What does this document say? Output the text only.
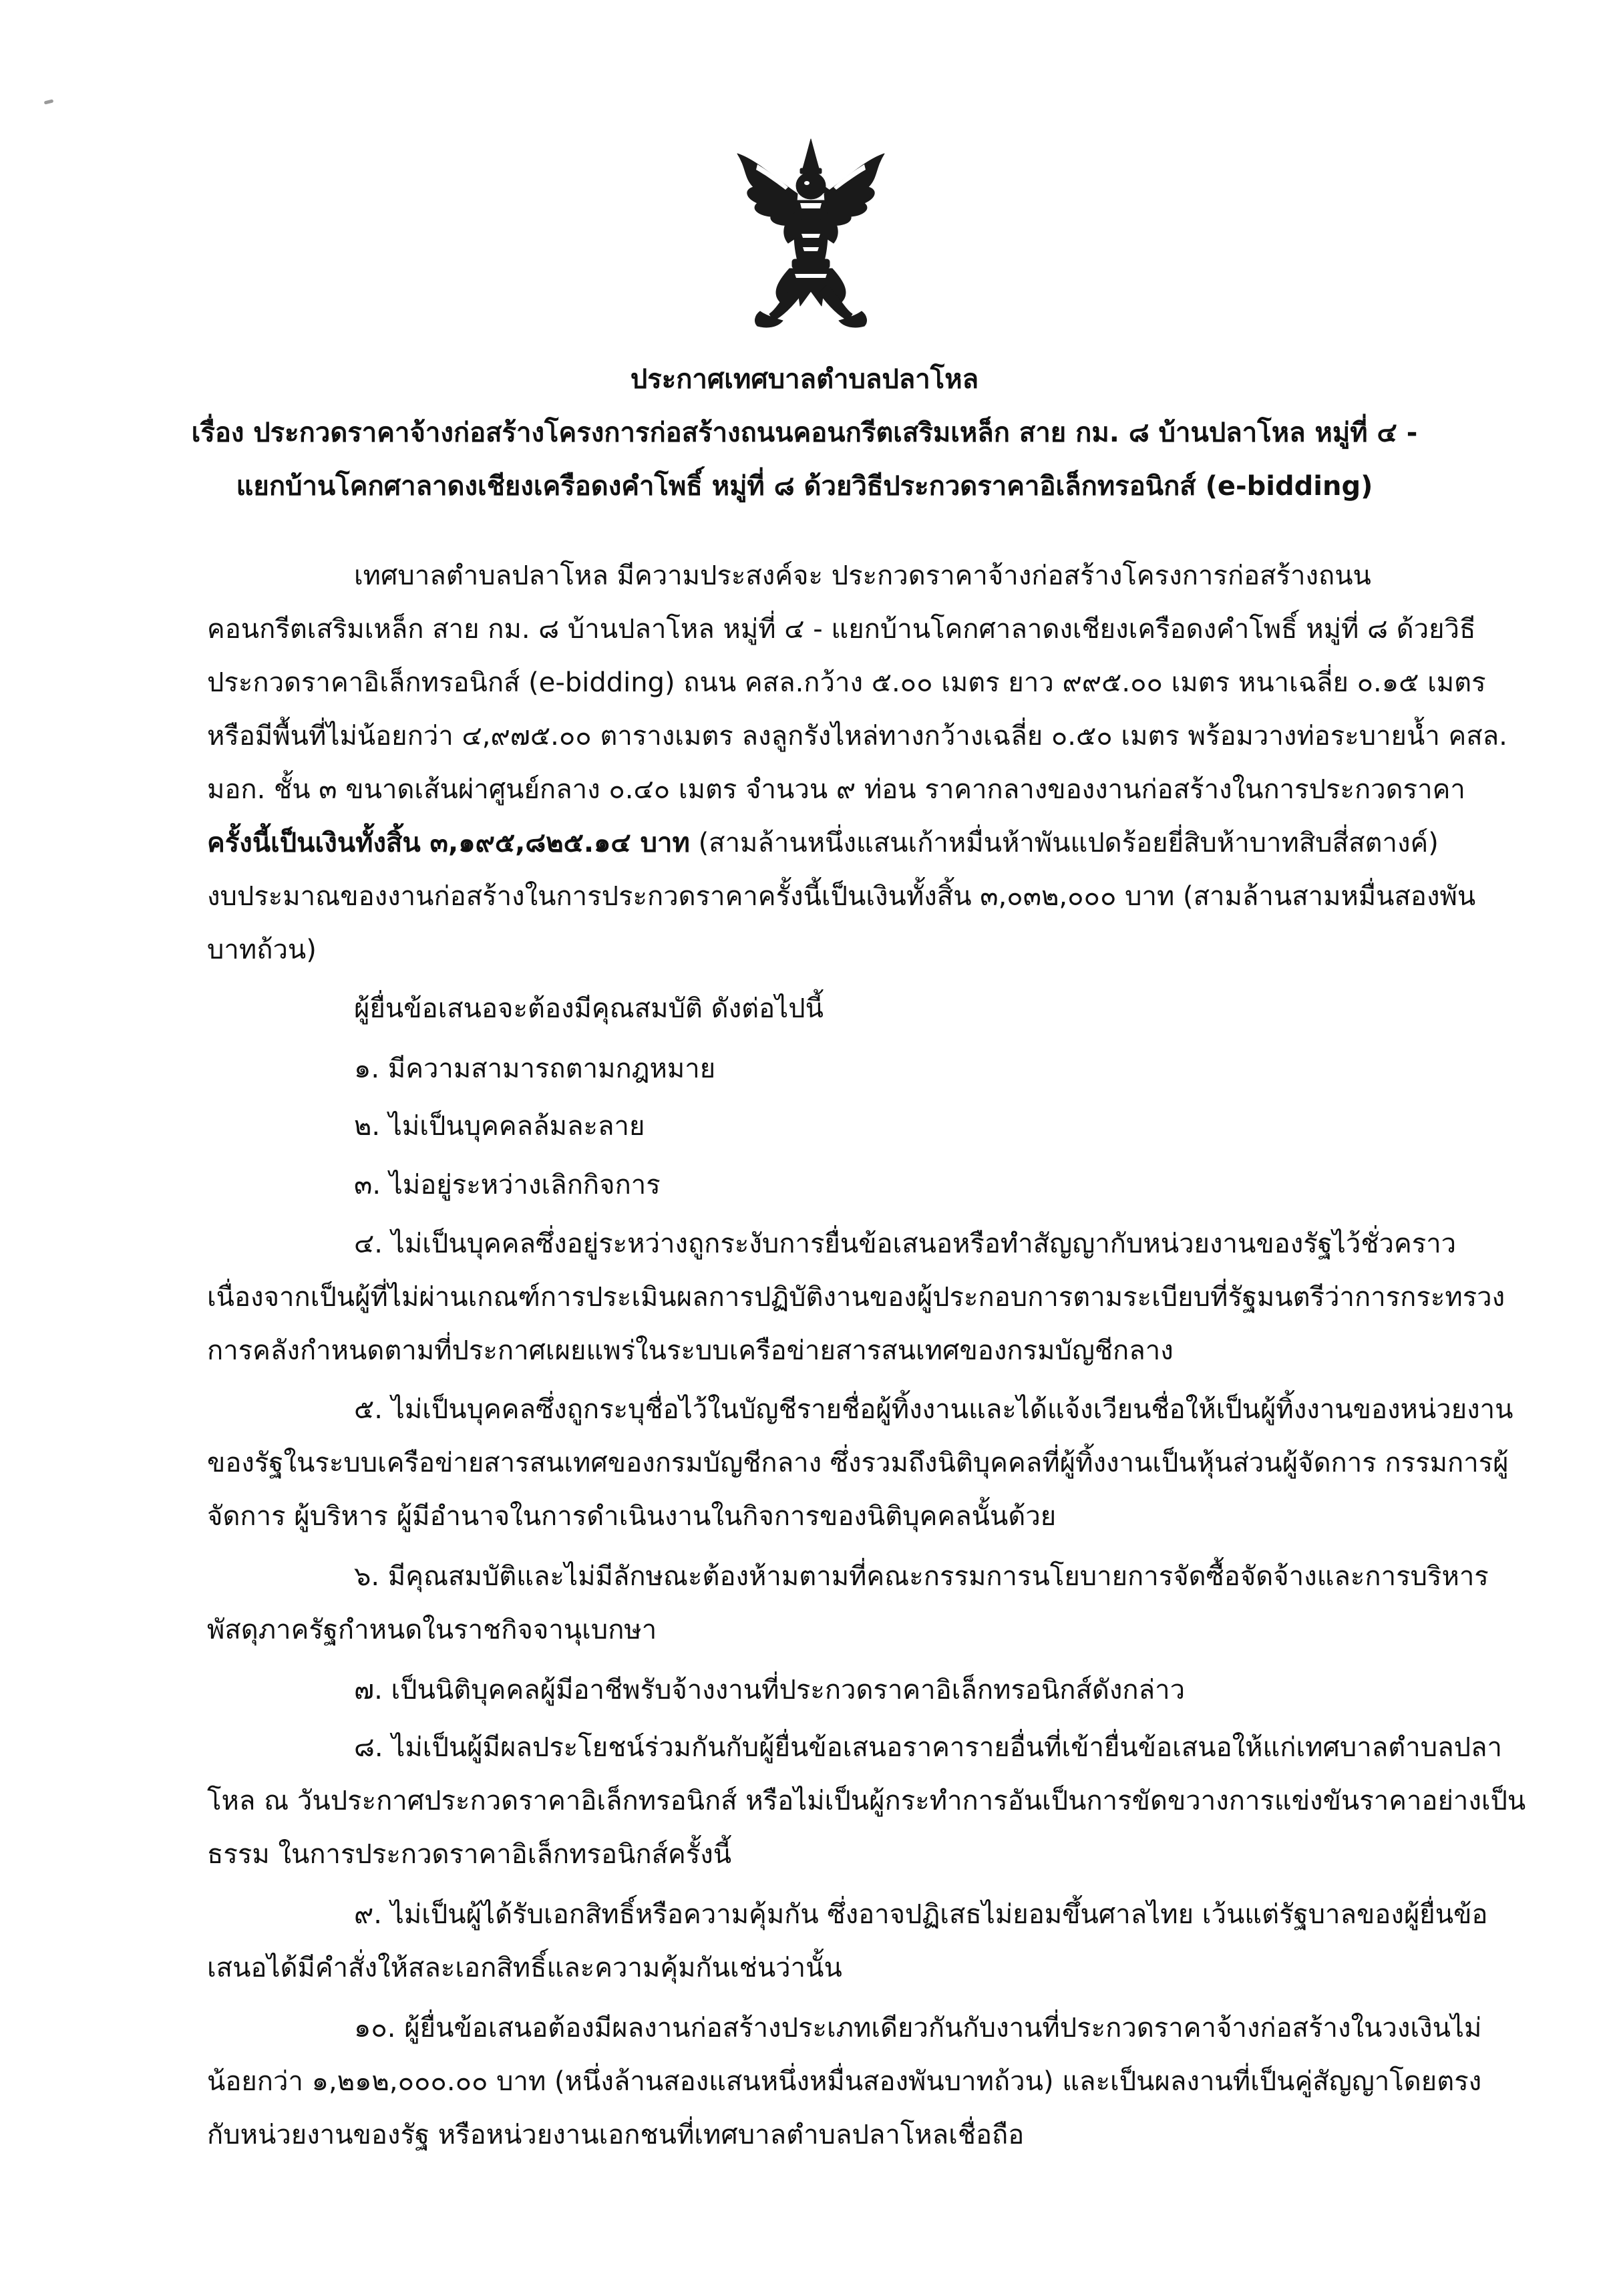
ประกาศเทศบาลตำบลปลาโหล
เรื่อง ประกวดราคาจ้างก่อสร้างโครงการก่อสร้างถนนคอนกรีตเสริมเหล็ก สาย กม. ๘ บ้านปลาโหล หมู่ที่ ๔ -
แยกบ้านโคกศาลาดงเชียงเครือดงคำโพธิ์ หมู่ที่ ๘ ด้วยวิธีประกวดราคาอิเล็กทรอนิกส์ (e-bidding)
เทศบาลตำบลปลาโหล มีความประสงค์จะ ประกวดราคาจ้างก่อสร้างโครงการก่อสร้างถนน
คอนกรีตเสริมเหล็ก สาย กม. ๘ บ้านปลาโหล หมู่ที่ ๔ - แยกบ้านโคกศาลาดงเชียงเครือดงคำโพธิ์ หมู่ที่ ๘ ด้วยวิธี
ประกวดราคาอิเล็กทรอนิกส์ (e-bidding) ถนน คสล.กว้าง ๕.๐๐ เมตร ยาว ๙๙๕.๐๐ เมตร หนาเฉลี่ย ๐.๑๕ เมตร
หรือมีพื้นที่ไม่น้อยกว่า ๔,๙๗๕.๐๐ ตารางเมตร ลงลูกรังไหล่ทางกว้างเฉลี่ย ๐.๕๐ เมตร พร้อมวางท่อระบายน้ำ คสล.
มอก. ชั้น ๓ ขนาดเส้นผ่าศูนย์กลาง ๐.๔๐ เมตร จำนวน ๙ ท่อน ราคากลางของงานก่อสร้างในการประกวดราคา
ครั้งนี้เป็นเงินทั้งสิ้น ๓,๑๙๕,๘๒๕.๑๔ บาท (สามล้านหนึ่งแสนเก้าหมื่นห้าพันแปดร้อยยี่สิบห้าบาทสิบสี่สตางค์)
งบประมาณของงานก่อสร้างในการประกวดราคาครั้งนี้เป็นเงินทั้งสิ้น ๓,๐๓๒,๐๐๐ บาท (สามล้านสามหมื่นสองพัน
บาทถ้วน)
ผู้ยื่นข้อเสนอจะต้องมีคุณสมบัติ ดังต่อไปนี้
๑. มีความสามารถตามกฎหมาย
๒. ไม่เป็นบุคคลล้มละลาย
๓. ไม่อยู่ระหว่างเลิกกิจการ
๔. ไม่เป็นบุคคลซึ่งอยู่ระหว่างถูกระงับการยื่นข้อเสนอหรือทำสัญญากับหน่วยงานของรัฐไว้ชั่วคราว
เนื่องจากเป็นผู้ที่ไม่ผ่านเกณฑ์การประเมินผลการปฏิบัติงานของผู้ประกอบการตามระเบียบที่รัฐมนตรีว่าการกระทรวง
การคลังกำหนดตามที่ประกาศเผยแพร่ในระบบเครือข่ายสารสนเทศของกรมบัญชีกลาง
๕. ไม่เป็นบุคคลซึ่งถูกระบุชื่อไว้ในบัญชีรายชื่อผู้ทิ้งงานและได้แจ้งเวียนชื่อให้เป็นผู้ทิ้งงานของหน่วยงาน
ของรัฐในระบบเครือข่ายสารสนเทศของกรมบัญชีกลาง ซึ่งรวมถึงนิติบุคคลที่ผู้ทิ้งงานเป็นหุ้นส่วนผู้จัดการ กรรมการผู้
จัดการ ผู้บริหาร ผู้มีอำนาจในการดำเนินงานในกิจการของนิติบุคคลนั้นด้วย
๖. มีคุณสมบัติและไม่มีลักษณะต้องห้ามตามที่คณะกรรมการนโยบายการจัดซื้อจัดจ้างและการบริหาร
พัสดุภาครัฐกำหนดในราชกิจจานุเบกษา
๗. เป็นนิติบุคคลผู้มีอาชีพรับจ้างงานที่ประกวดราคาอิเล็กทรอนิกส์ดังกล่าว
๘. ไม่เป็นผู้มีผลประโยชน์ร่วมกันกับผู้ยื่นข้อเสนอราคารายอื่นที่เข้ายื่นข้อเสนอให้แก่เทศบาลตำบลปลา
โหล ณ วันประกาศประกวดราคาอิเล็กทรอนิกส์ หรือไม่เป็นผู้กระทำการอันเป็นการขัดขวางการแข่งขันราคาอย่างเป็น
ธรรม ในการประกวดราคาอิเล็กทรอนิกส์ครั้งนี้
๙. ไม่เป็นผู้ได้รับเอกสิทธิ์หรือความคุ้มกัน ซึ่งอาจปฏิเสธไม่ยอมขึ้นศาลไทย เว้นแต่รัฐบาลของผู้ยื่นข้อ
เสนอได้มีคำสั่งให้สละเอกสิทธิ์และความคุ้มกันเช่นว่านั้น
๑๐. ผู้ยื่นข้อเสนอต้องมีผลงานก่อสร้างประเภทเดียวกันกับงานที่ประกวดราคาจ้างก่อสร้างในวงเงินไม่
น้อยกว่า ๑,๒๑๒,๐๐๐.๐๐ บาท (หนึ่งล้านสองแสนหนึ่งหมื่นสองพันบาทถ้วน) และเป็นผลงานที่เป็นคู่สัญญาโดยตรง
กับหน่วยงานของรัฐ หรือหน่วยงานเอกชนที่เทศบาลตำบลปลาโหลเชื่อถือ
